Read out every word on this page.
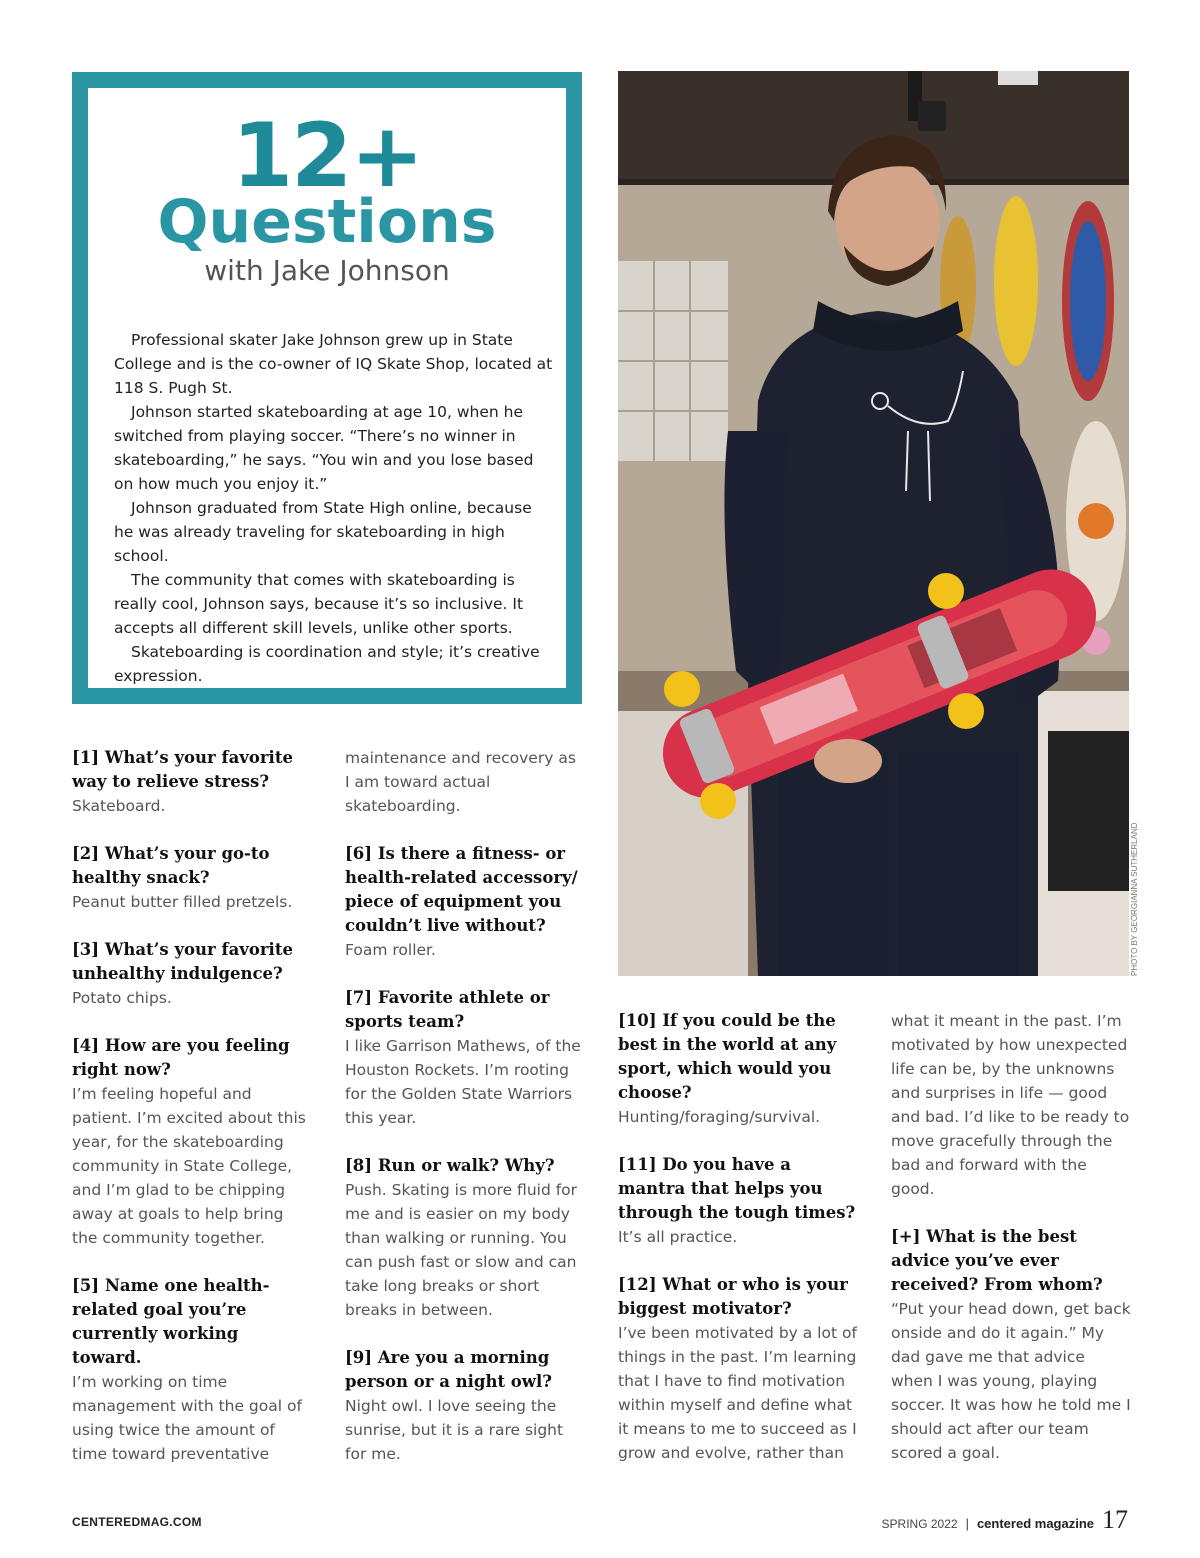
12+
Questions
with Jake Johnson

Professional skater Jake Johnson grew up in State College and is the co-owner of IQ Skate Shop, located at 118 S. Pugh St.

Johnson started skateboarding at age 10, when he switched from playing soccer. “There’s no winner in skateboarding,” he says. “You win and you lose based on how much you enjoy it.”

Johnson graduated from State High online, because he was already traveling for skateboarding in high school.

The community that comes with skateboarding is really cool, Johnson says, because it’s so inclusive. It accepts all different skill levels, unlike other sports.

Skateboarding is coordination and style; it’s creative expression.

PHOTO BY GEORGIANNA SUTHERLAND
[1] What’s your favorite way to relieve stress?
Skateboard.
[2] What’s your go-to healthy snack?
Peanut butter filled pretzels.
[3] What’s your favorite unhealthy indulgence?
Potato chips.
[4] How are you feeling right now?
I’m feeling hopeful and patient. I’m excited about this year, for the skateboarding community in State College, and I’m glad to be chipping away at goals to help bring the community together.
[5] Name one health-related goal you’re currently working toward.
I’m working on time management with the goal of using twice the amount of time toward preventative
maintenance and recovery as I am toward actual skateboarding.
[6] Is there a fitness- or health-related accessory/ piece of equipment you couldn’t live without?
Foam roller.
[7] Favorite athlete or sports team?
I like Garrison Mathews, of the Houston Rockets. I’m rooting for the Golden State Warriors this year.
[8] Run or walk? Why?
Push. Skating is more fluid for me and is easier on my body than walking or running. You can push fast or slow and can take long breaks or short breaks in between.
[9] Are you a morning person or a night owl?
Night owl. I love seeing the sunrise, but it is a rare sight for me.
[10] If you could be the best in the world at any sport, which would you choose?
Hunting/foraging/survival.
[11] Do you have a mantra that helps you through the tough times?
It’s all practice.
[12] What or who is your biggest motivator?
I’ve been motivated by a lot of things in the past. I’m learning that I have to find motivation within myself and define what it means to me to succeed as I grow and evolve, rather than
what it meant in the past. I’m motivated by how unexpected life can be, by the unknowns and surprises in life — good and bad. I’d like to be ready to move gracefully through the bad and forward with the good.
[+] What is the best advice you’ve ever received? From whom?
“Put your head down, get back onside and do it again.” My dad gave me that advice when I was young, playing soccer. It was how he told me I should act after our team scored a goal.
CENTEREDMAG.COM	SPRING 2022 | centered magazine 17
